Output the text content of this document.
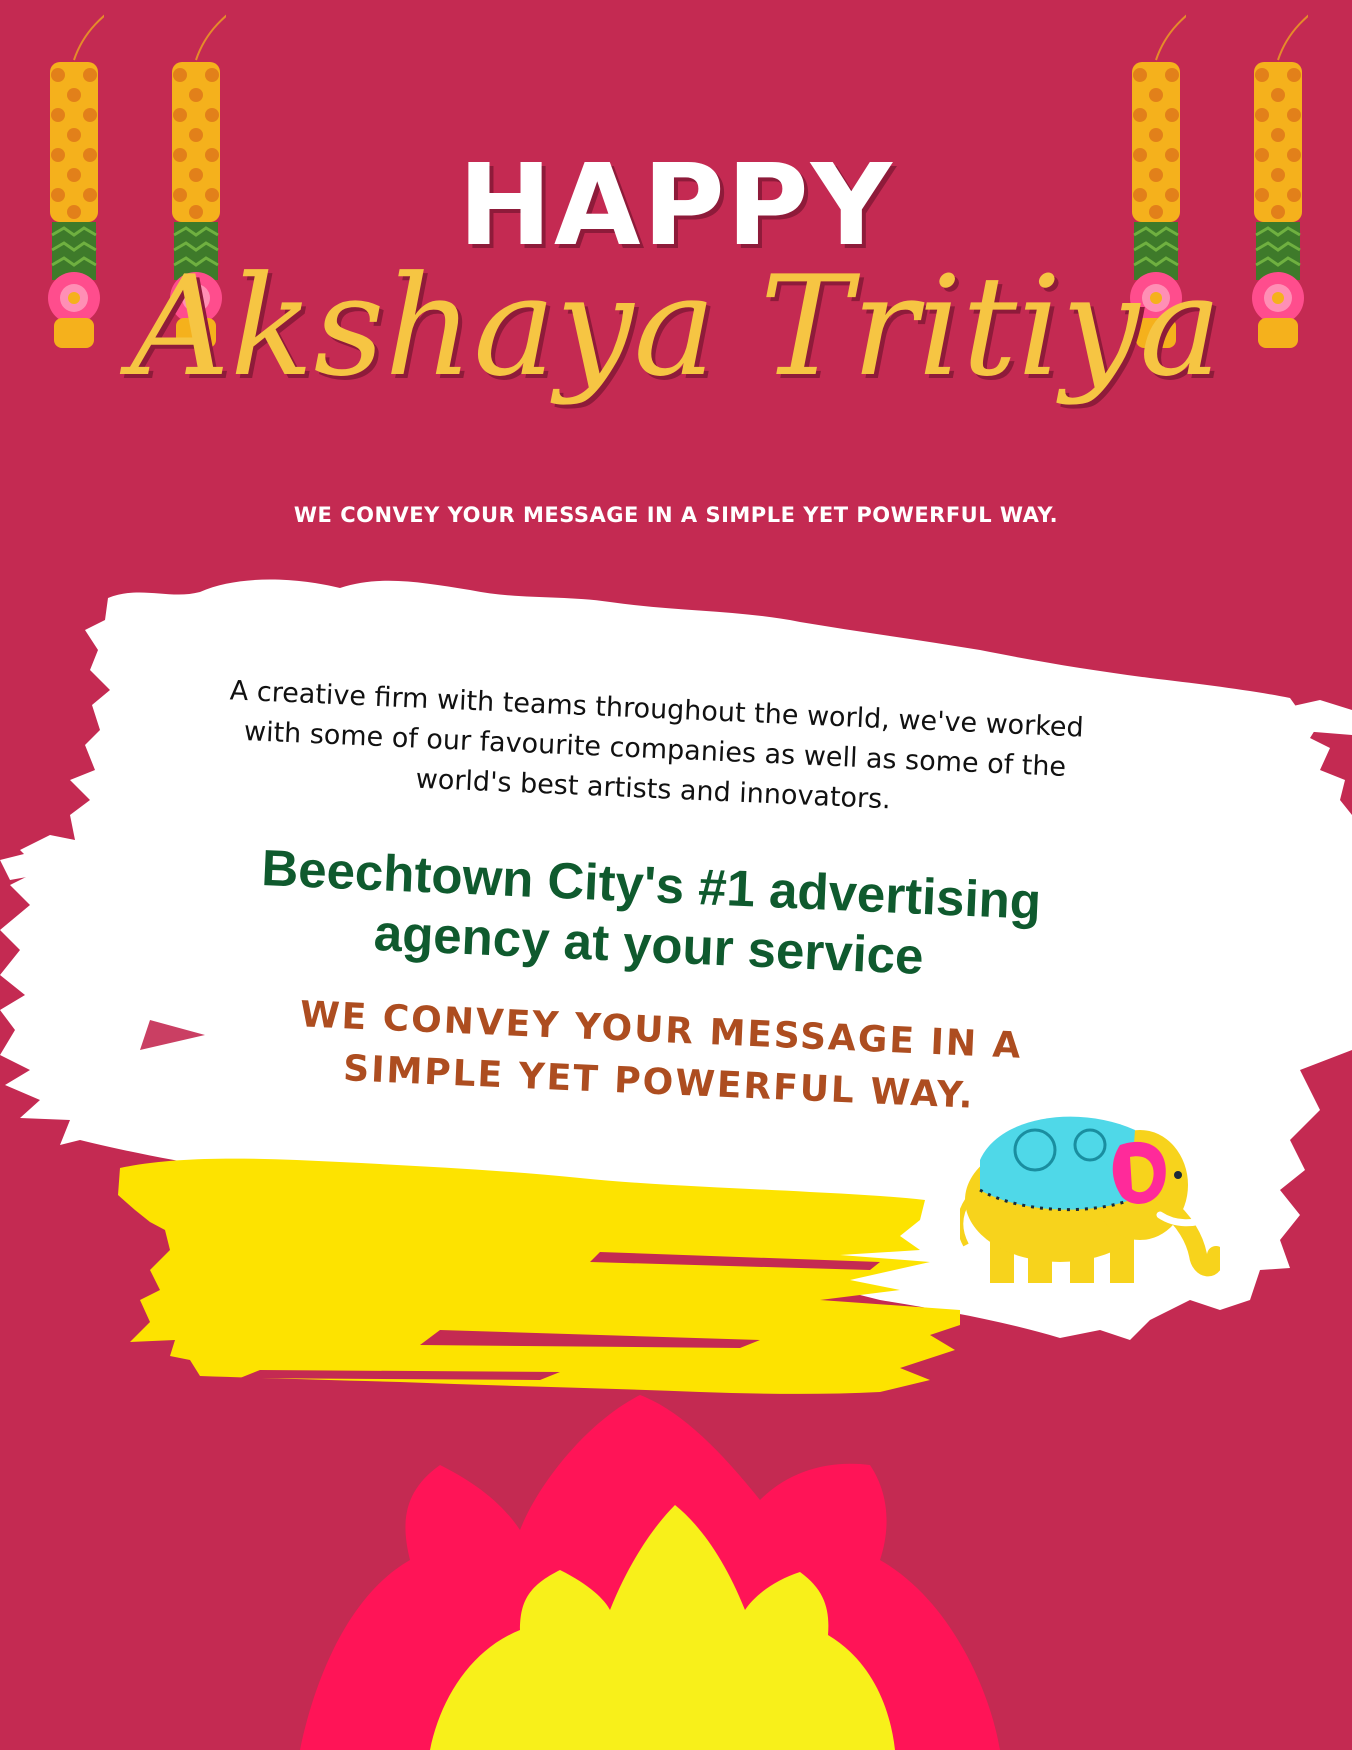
HAPPY
Akshaya Tritiya
WE CONVEY YOUR MESSAGE IN A SIMPLE YET POWERFUL WAY.

A creative firm with teams throughout the world, we've worked with some of our favourite companies as well as some of the world's best artists and innovators.

Beechtown City's #1 advertising agency at your service
WE CONVEY YOUR MESSAGE IN A SIMPLE YET POWERFUL WAY.
